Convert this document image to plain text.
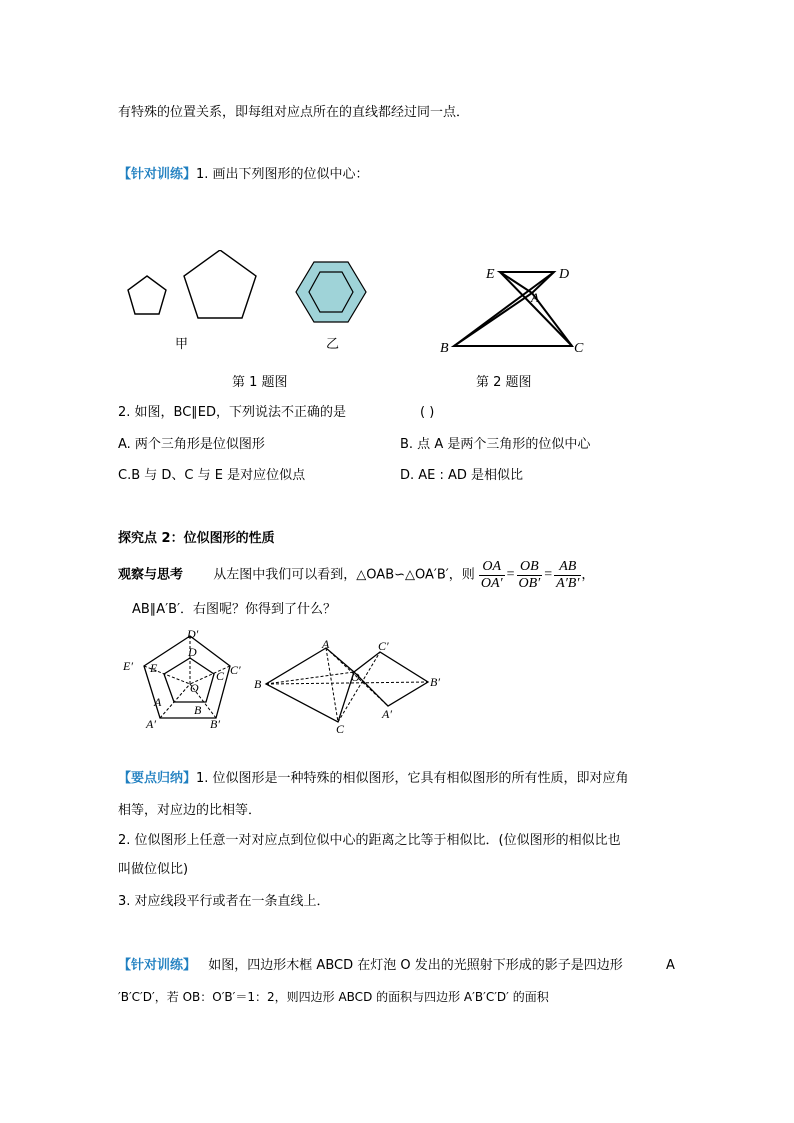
有特殊的位置关系，即每组对应点所在的直线都经过同一点．
【针对训练】1. 画出下列图形的位似中心：
甲	乙
第 1 题图
E	D
A
B	C
第 2 题图
2. 如图，BC∥ED，下列说法不正确的是	( )
A. 两个三角形是位似图形	B. 点 A 是两个三角形的位似中心
C.B 与 D、C 与 E 是对应位似点	D. AE : AD 是相似比
探究点 2：位似图形的性质
观察与思考 从左图中我们可以看到，△OAB∽△OA′B′，则 $\frac{OA}{OA'} = \frac{OB}{OB'} = \frac{AB}{A'B'}$ ，
AB∥A′B′．右图呢？你得到了什么？
D′
D
E′ E
C C′
O
A
B
A′	B′
A	C′
B	O	B′
A′
C
【要点归纳】1. 位似图形是一种特殊的相似图形，它具有相似图形的所有性质，即对应角
相等，对应边的比相等．
2. 位似图形上任意一对对应点到位似中心的距离之比等于相似比．(位似图形的相似比也
叫做位似比)
3. 对应线段平行或者在一条直线上．
【针对训练】 如图，四边形木框 ABCD 在灯泡 O 发出的光照射下形成的影子是四边形	A
′B′C′D′，若 OB：O′B′＝1：2，则四边形 ABCD 的面积与四边形 A′B′C′D′ 的面积
